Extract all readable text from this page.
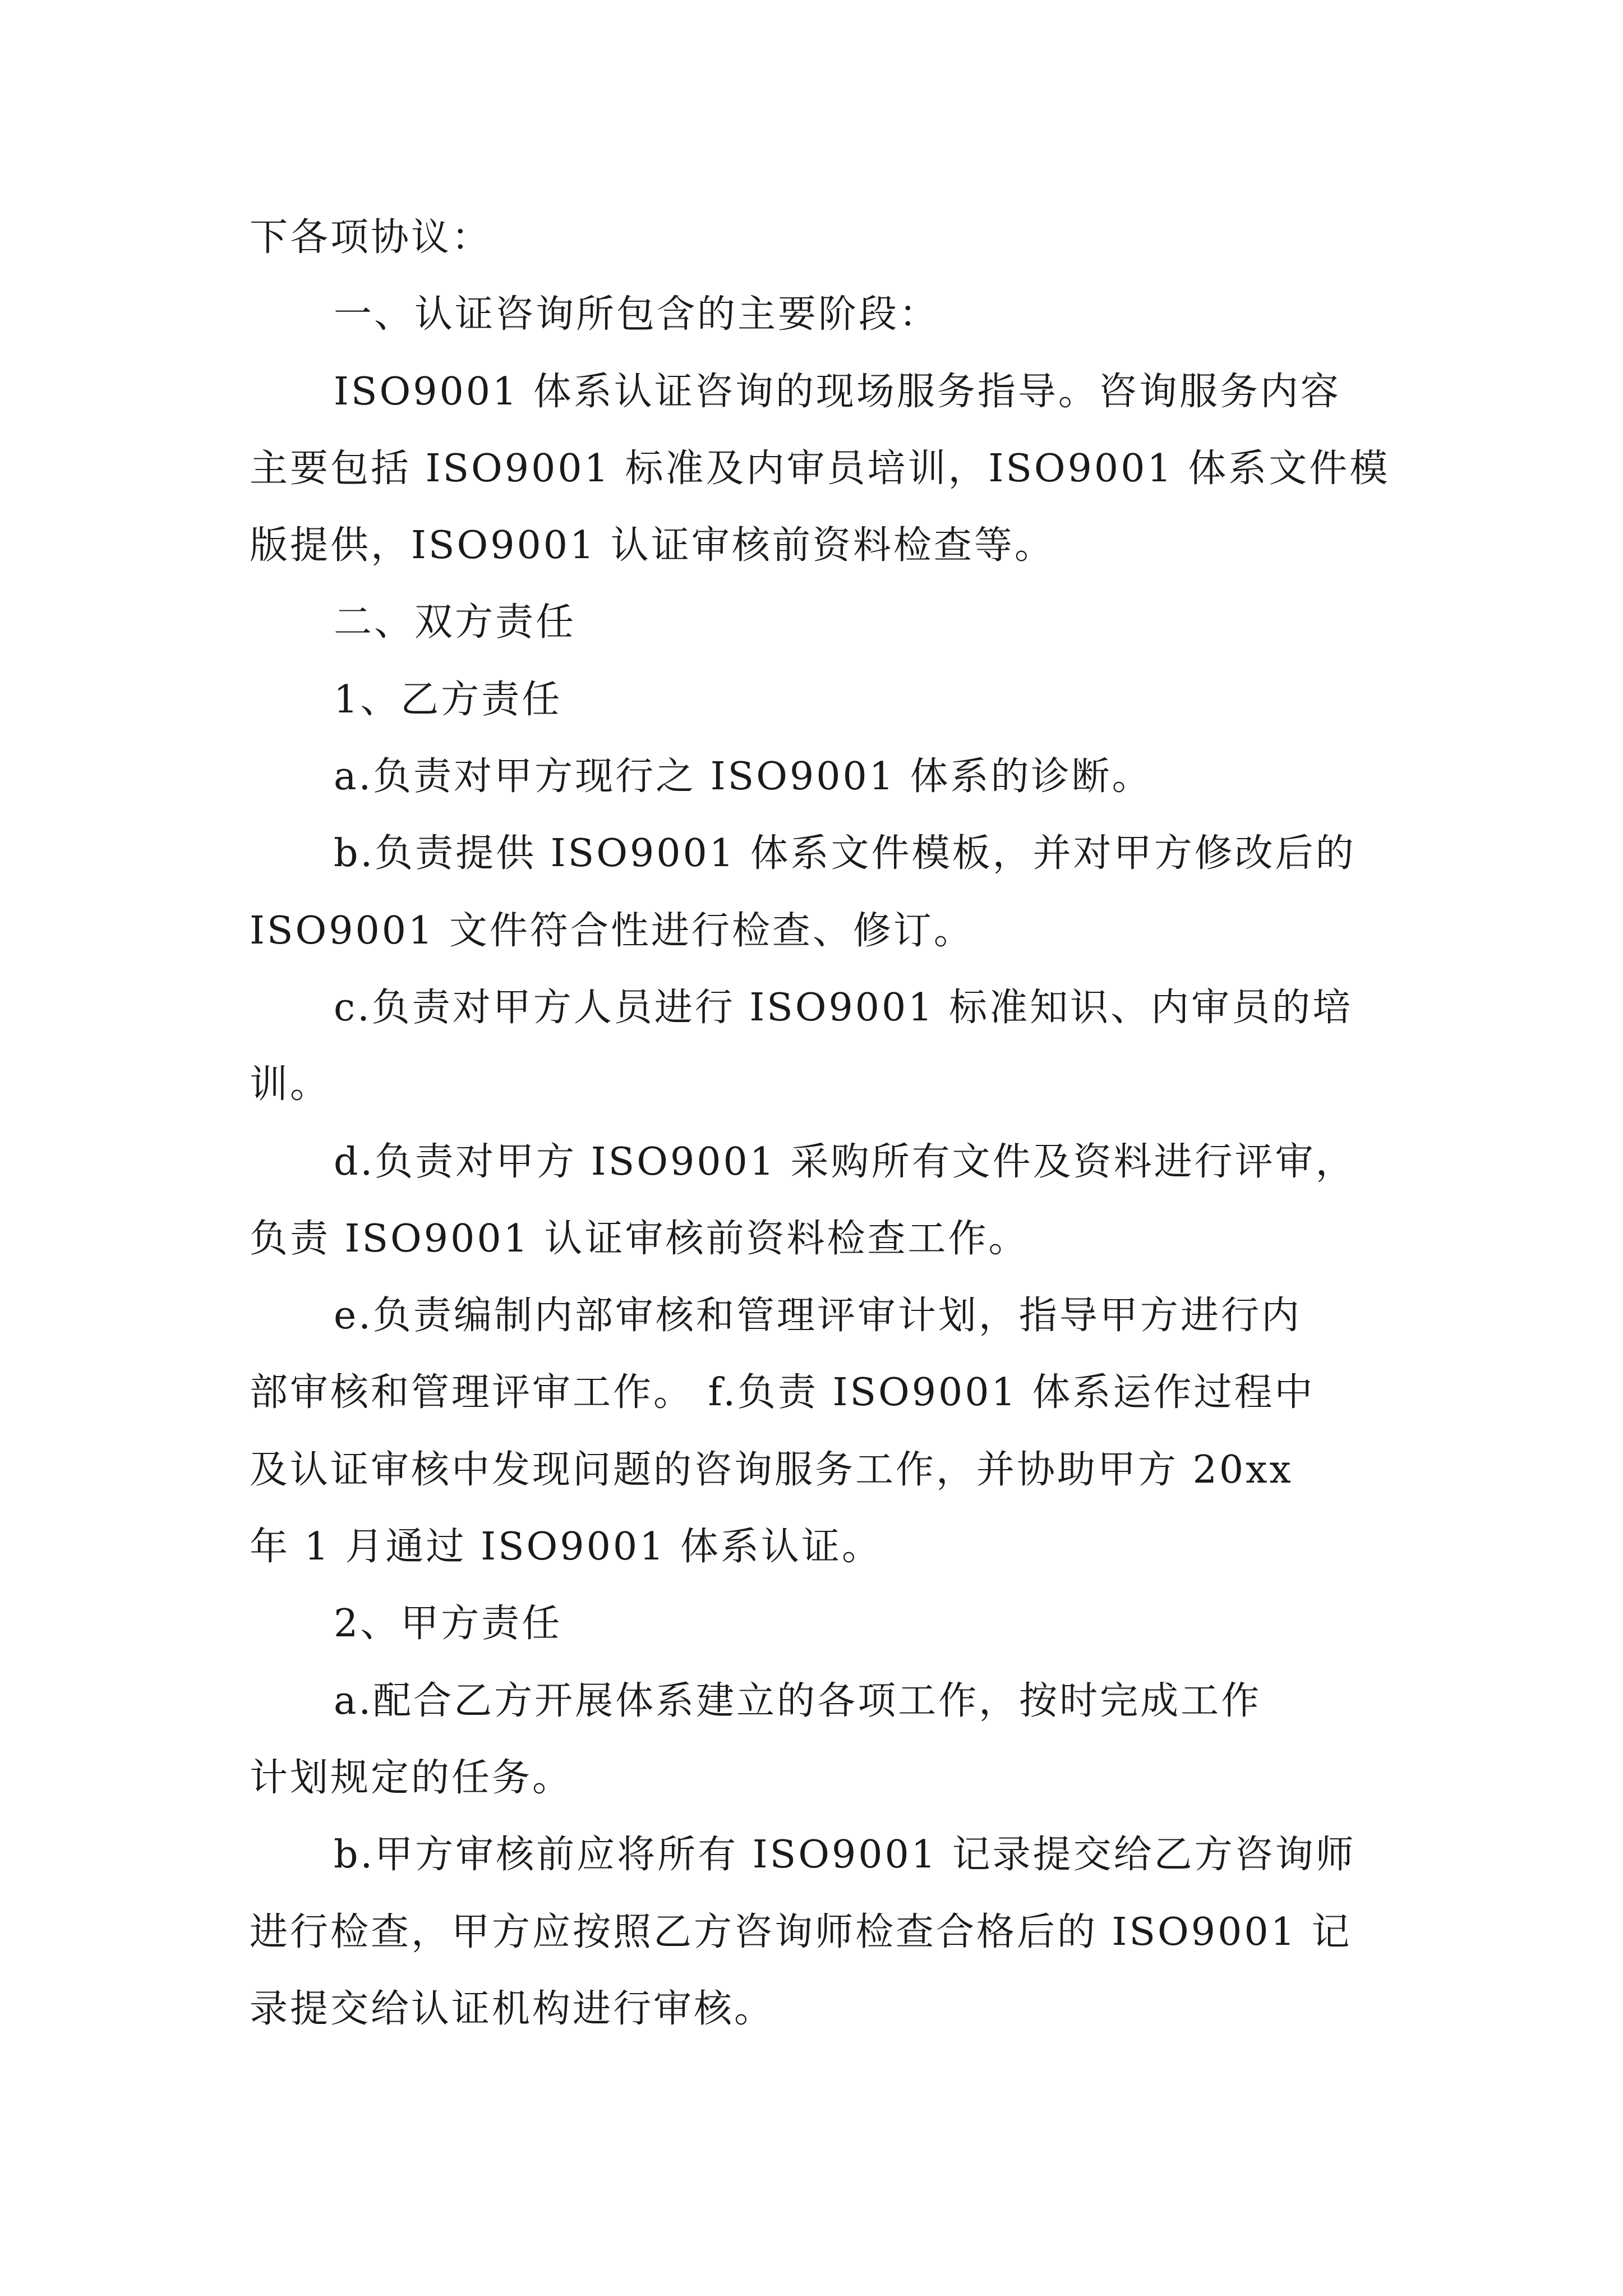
下各项协议：
一、认证咨询所包含的主要阶段：
ISO9001 体系认证咨询的现场服务指导。咨询服务内容
主要包括 ISO9001 标准及内审员培训，ISO9001 体系文件模
版提供，ISO9001 认证审核前资料检查等。
二、双方责任
1、乙方责任
a.负责对甲方现行之 ISO9001 体系的诊断。
b.负责提供 ISO9001 体系文件模板，并对甲方修改后的
ISO9001 文件符合性进行检查、修订。
c.负责对甲方人员进行 ISO9001 标准知识、内审员的培
训。
d.负责对甲方 ISO9001 采购所有文件及资料进行评审，
负责 ISO9001 认证审核前资料检查工作。
e.负责编制内部审核和管理评审计划，指导甲方进行内
部审核和管理评审工作。 f.负责 ISO9001 体系运作过程中
及认证审核中发现问题的咨询服务工作，并协助甲方 20xx
年 1 月通过 ISO9001 体系认证。
2、甲方责任
a.配合乙方开展体系建立的各项工作，按时完成工作
计划规定的任务。
b.甲方审核前应将所有 ISO9001 记录提交给乙方咨询师
进行检查，甲方应按照乙方咨询师检查合格后的 ISO9001 记
录提交给认证机构进行审核。
